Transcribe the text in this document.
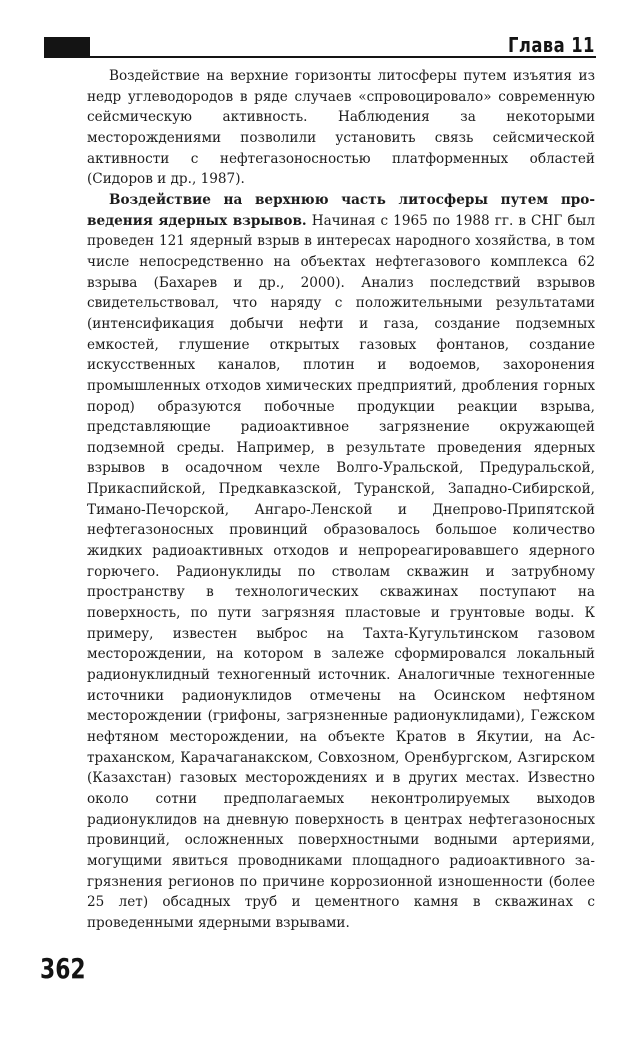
Глава 11

Воздействие на верхние горизонты литосферы путем изъятия из недр углеводородов в ряде случаев «спровоцировало» современную сейсмическую активность. Наблюдения за некоторыми месторождениями позволили установить связь сейсмической активности с нефтегазоносностью платформенных областей (Сидоров и др., 1987).

Воздействие на верхнюю часть литосферы путем проведения ядерных взрывов. Начиная с 1965 по 1988 гг. в СНГ был проведен 121 ядерный взрыв в интересах народного хозяйства, в том числе непосредственно на объектах нефтегазового комплекса 62 взрыва (Бахарев и др., 2000). Анализ последствий взрывов свидетельствовал, что наряду с положительными результатами (интенсификация добычи нефти и газа, создание подземных емкостей, глушение открытых газовых фонтанов, создание искусственных каналов, плотин и водоемов, захоронения промышленных отходов химических предприятий, дробления горных пород) образуются побочные продукции реакции взрыва, представляющие радиоактивное загрязнение окружающей подземной среды. Например, в результате проведения ядерных взрывов в осадочном чехле Волго-Уральской, Предуральской, Прикаспийской, Предкавказской, Туранской, Западно-Сибирской, Тимано-Печорской, Ангаро-Ленской и Днепрово-Припятской нефтегазоносных провинций образовалось большое количество жидких радиоактивных отходов и непрореагировавшего ядерного горючего. Радионуклиды по стволам скважин и затрубному пространству в технологических скважинах поступают на поверхность, по пути загрязняя пластовые и грунтовые воды. К примеру, известен выброс на Тахта-Кугультинском газовом месторождении, на котором в залеже сформировался локальный радионуклидный техногенный источник. Аналогичные техногенные источники радионуклидов отмечены на Осинском нефтяном месторождении (грифоны, загрязненные радионуклидами), Гежском нефтяном месторождении, на объекте Кратов в Якутии, на Астраханском, Карачаганакском, Совхозном, Оренбургском, Азгирском (Казахстан) газовых месторождениях и в других местах. Известно около сотни предполагаемых неконтролируемых выходов радионуклидов на дневную поверхность в центрах нефтегазоносных провинций, осложненных поверхностными водными артериями, могущими явиться проводниками площадного радиоактивного загрязнения регионов по причине коррозионной изношенности (более 25 лет) обсадных труб и цементного камня в скважинах с проведенными ядерными взрывами.

362
